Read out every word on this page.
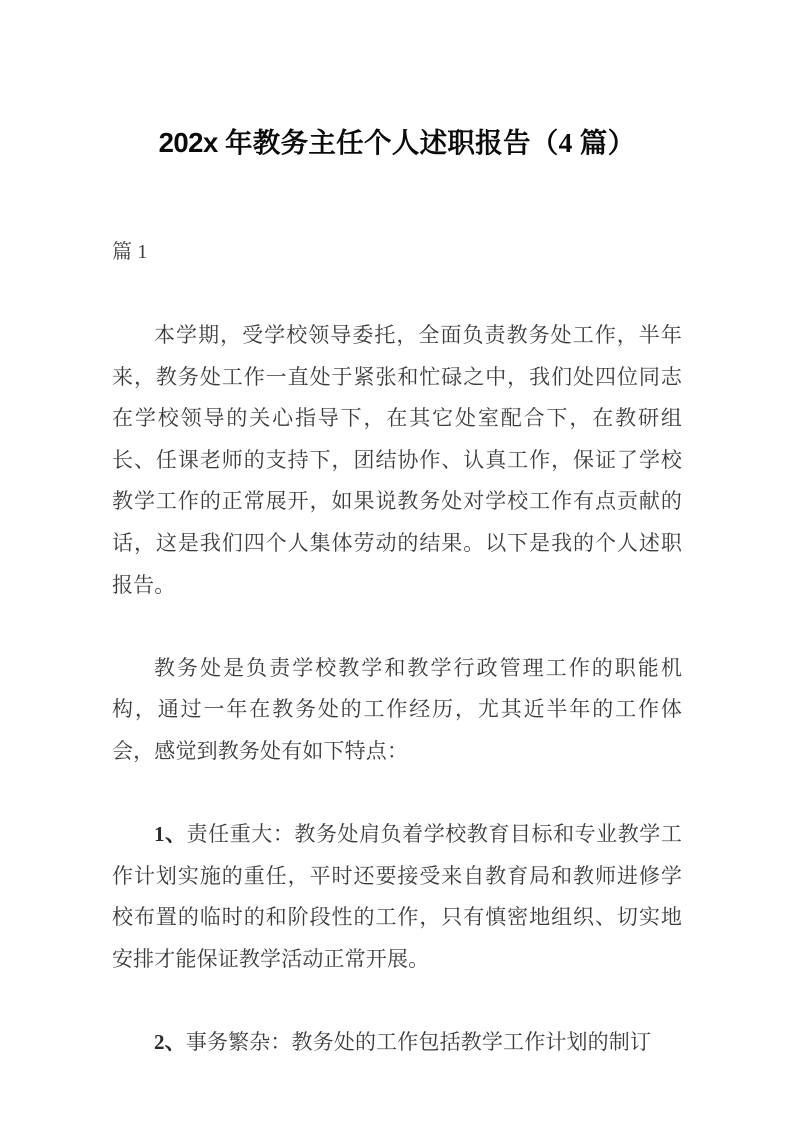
202x 年教务主任个人述职报告（4 篇）

篇 1

本学期，受学校领导委托，全面负责教务处工作，半年来，教务处工作一直处于紧张和忙碌之中，我们处四位同志在学校领导的关心指导下，在其它处室配合下，在教研组长、任课老师的支持下，团结协作、认真工作，保证了学校教学工作的正常展开，如果说教务处对学校工作有点贡献的话，这是我们四个人集体劳动的结果。以下是我的个人述职报告。

教务处是负责学校教学和教学行政管理工作的职能机构，通过一年在教务处的工作经历，尤其近半年的工作体会，感觉到教务处有如下特点：

1、责任重大：教务处肩负着学校教育目标和专业教学工作计划实施的重任，平时还要接受来自教育局和教师进修学校布置的临时的和阶段性的工作，只有慎密地组织、切实地安排才能保证教学活动正常开展。

2、事务繁杂：教务处的工作包括教学工作计划的制订
